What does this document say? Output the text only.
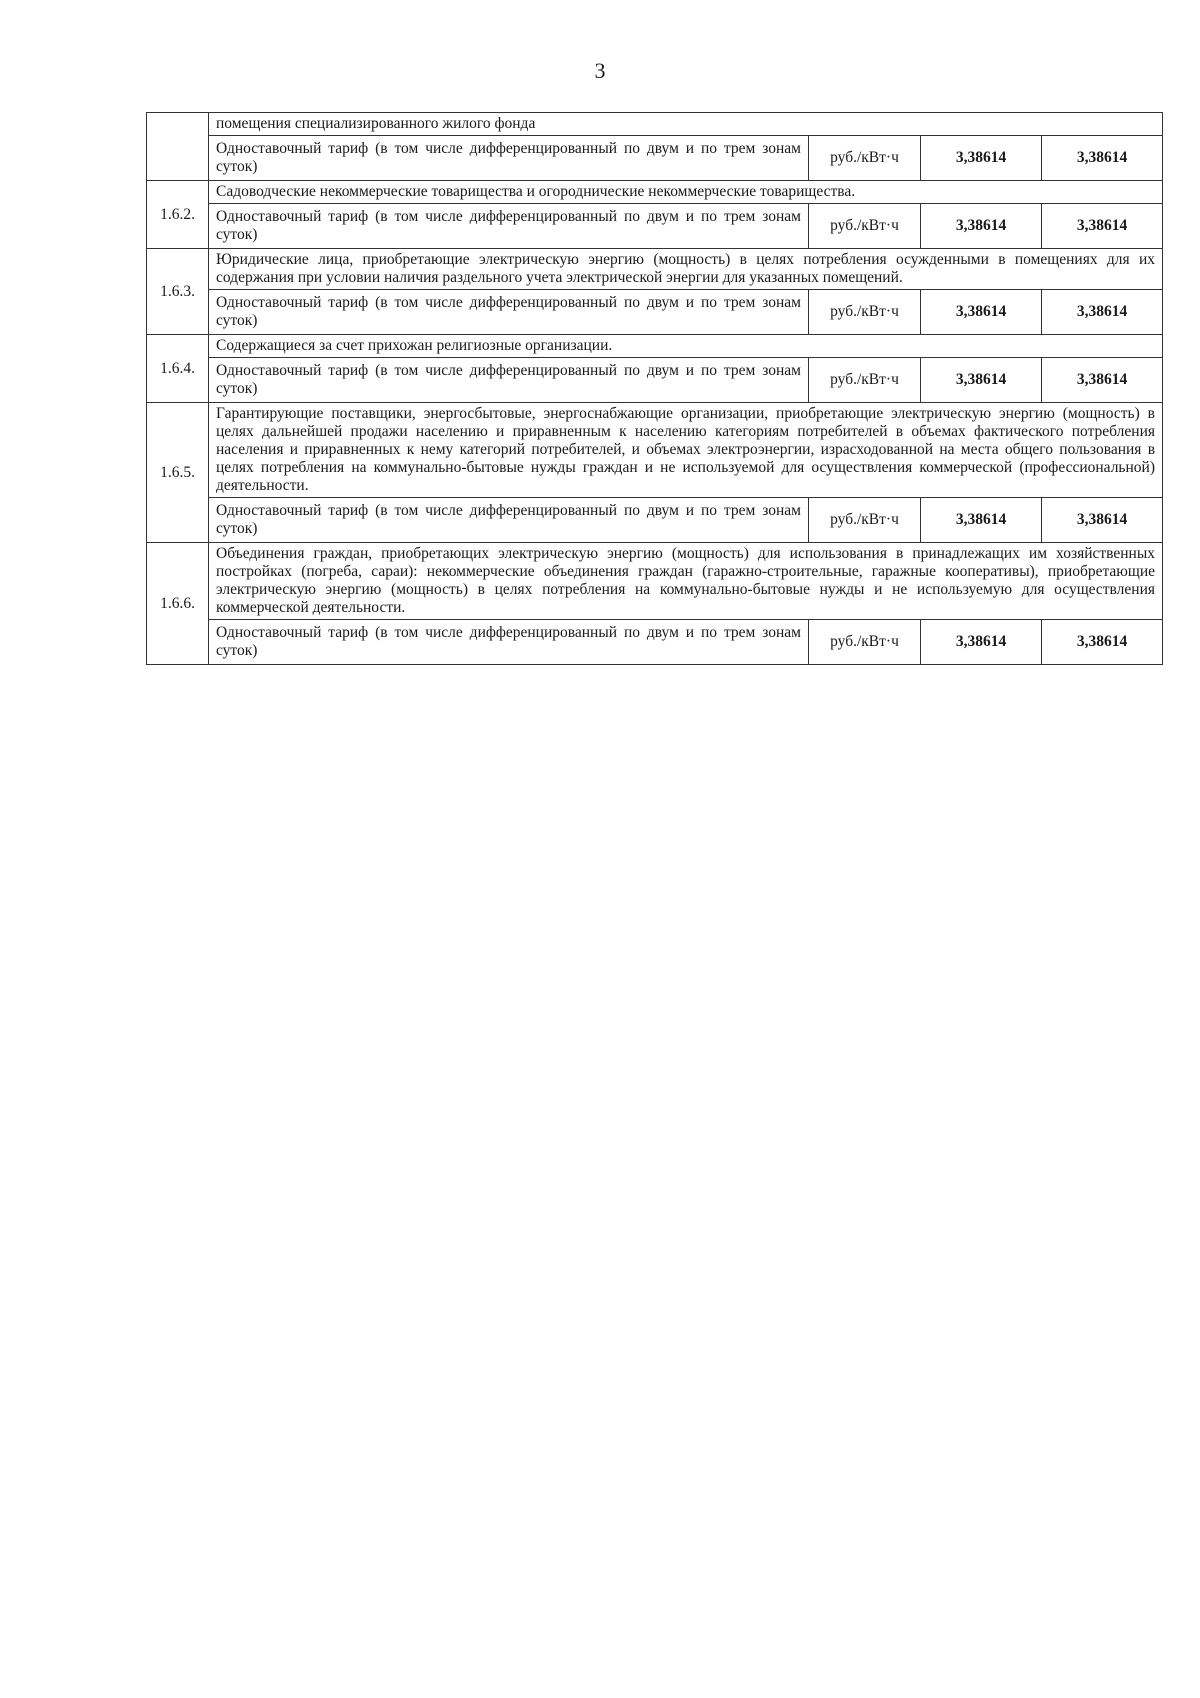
3
	помещения специализированного жилого фонда			
	Одноставочный тариф (в том числе дифференцированный по двум и по трем зонам суток)	руб./кВт·ч	3,38614	3,38614
1.6.2.	Садоводческие некоммерческие товарищества и огороднические некоммерческие товарищества.			
	Одноставочный тариф (в том числе дифференцированный по двум и по трем зонам суток)	руб./кВт·ч	3,38614	3,38614
1.6.3.	Юридические лица, приобретающие электрическую энергию (мощность) в целях потребления осужденными в помещениях для их содержания при условии наличия раздельного учета электрической энергии для указанных помещений.			
	Одноставочный тариф (в том числе дифференцированный по двум и по трем зонам суток)	руб./кВт·ч	3,38614	3,38614
1.6.4.	Содержащиеся за счет прихожан религиозные организации.			
	Одноставочный тариф (в том числе дифференцированный по двум и по трем зонам суток)	руб./кВт·ч	3,38614	3,38614
1.6.5.	Гарантирующие поставщики, энергосбытовые, энергоснабжающие организации, приобретающие электрическую энергию (мощность) в целях дальнейшей продажи населению и приравненным к населению категориям потребителей в объемах фактического потребления населения и приравненных к нему категорий потребителей, и объемах электроэнергии, израсходованной на места общего пользования в целях потребления на коммунально-бытовые нужды граждан и не используемой для осуществления коммерческой (профессиональной) деятельности.			
	Одноставочный тариф (в том числе дифференцированный по двум и по трем зонам суток)	руб./кВт·ч	3,38614	3,38614
1.6.6.	Объединения граждан, приобретающих электрическую энергию (мощность) для использования в принадлежащих им хозяйственных постройках (погреба, сараи): некоммерческие объединения граждан (гаражно-строительные, гаражные кооперативы), приобретающие электрическую энергию (мощность) в целях потребления на коммунально-бытовые нужды и не используемую для осуществления коммерческой деятельности.			
	Одноставочный тариф (в том числе дифференцированный по двум и по трем зонам суток)	руб./кВт·ч	3,38614	3,38614
